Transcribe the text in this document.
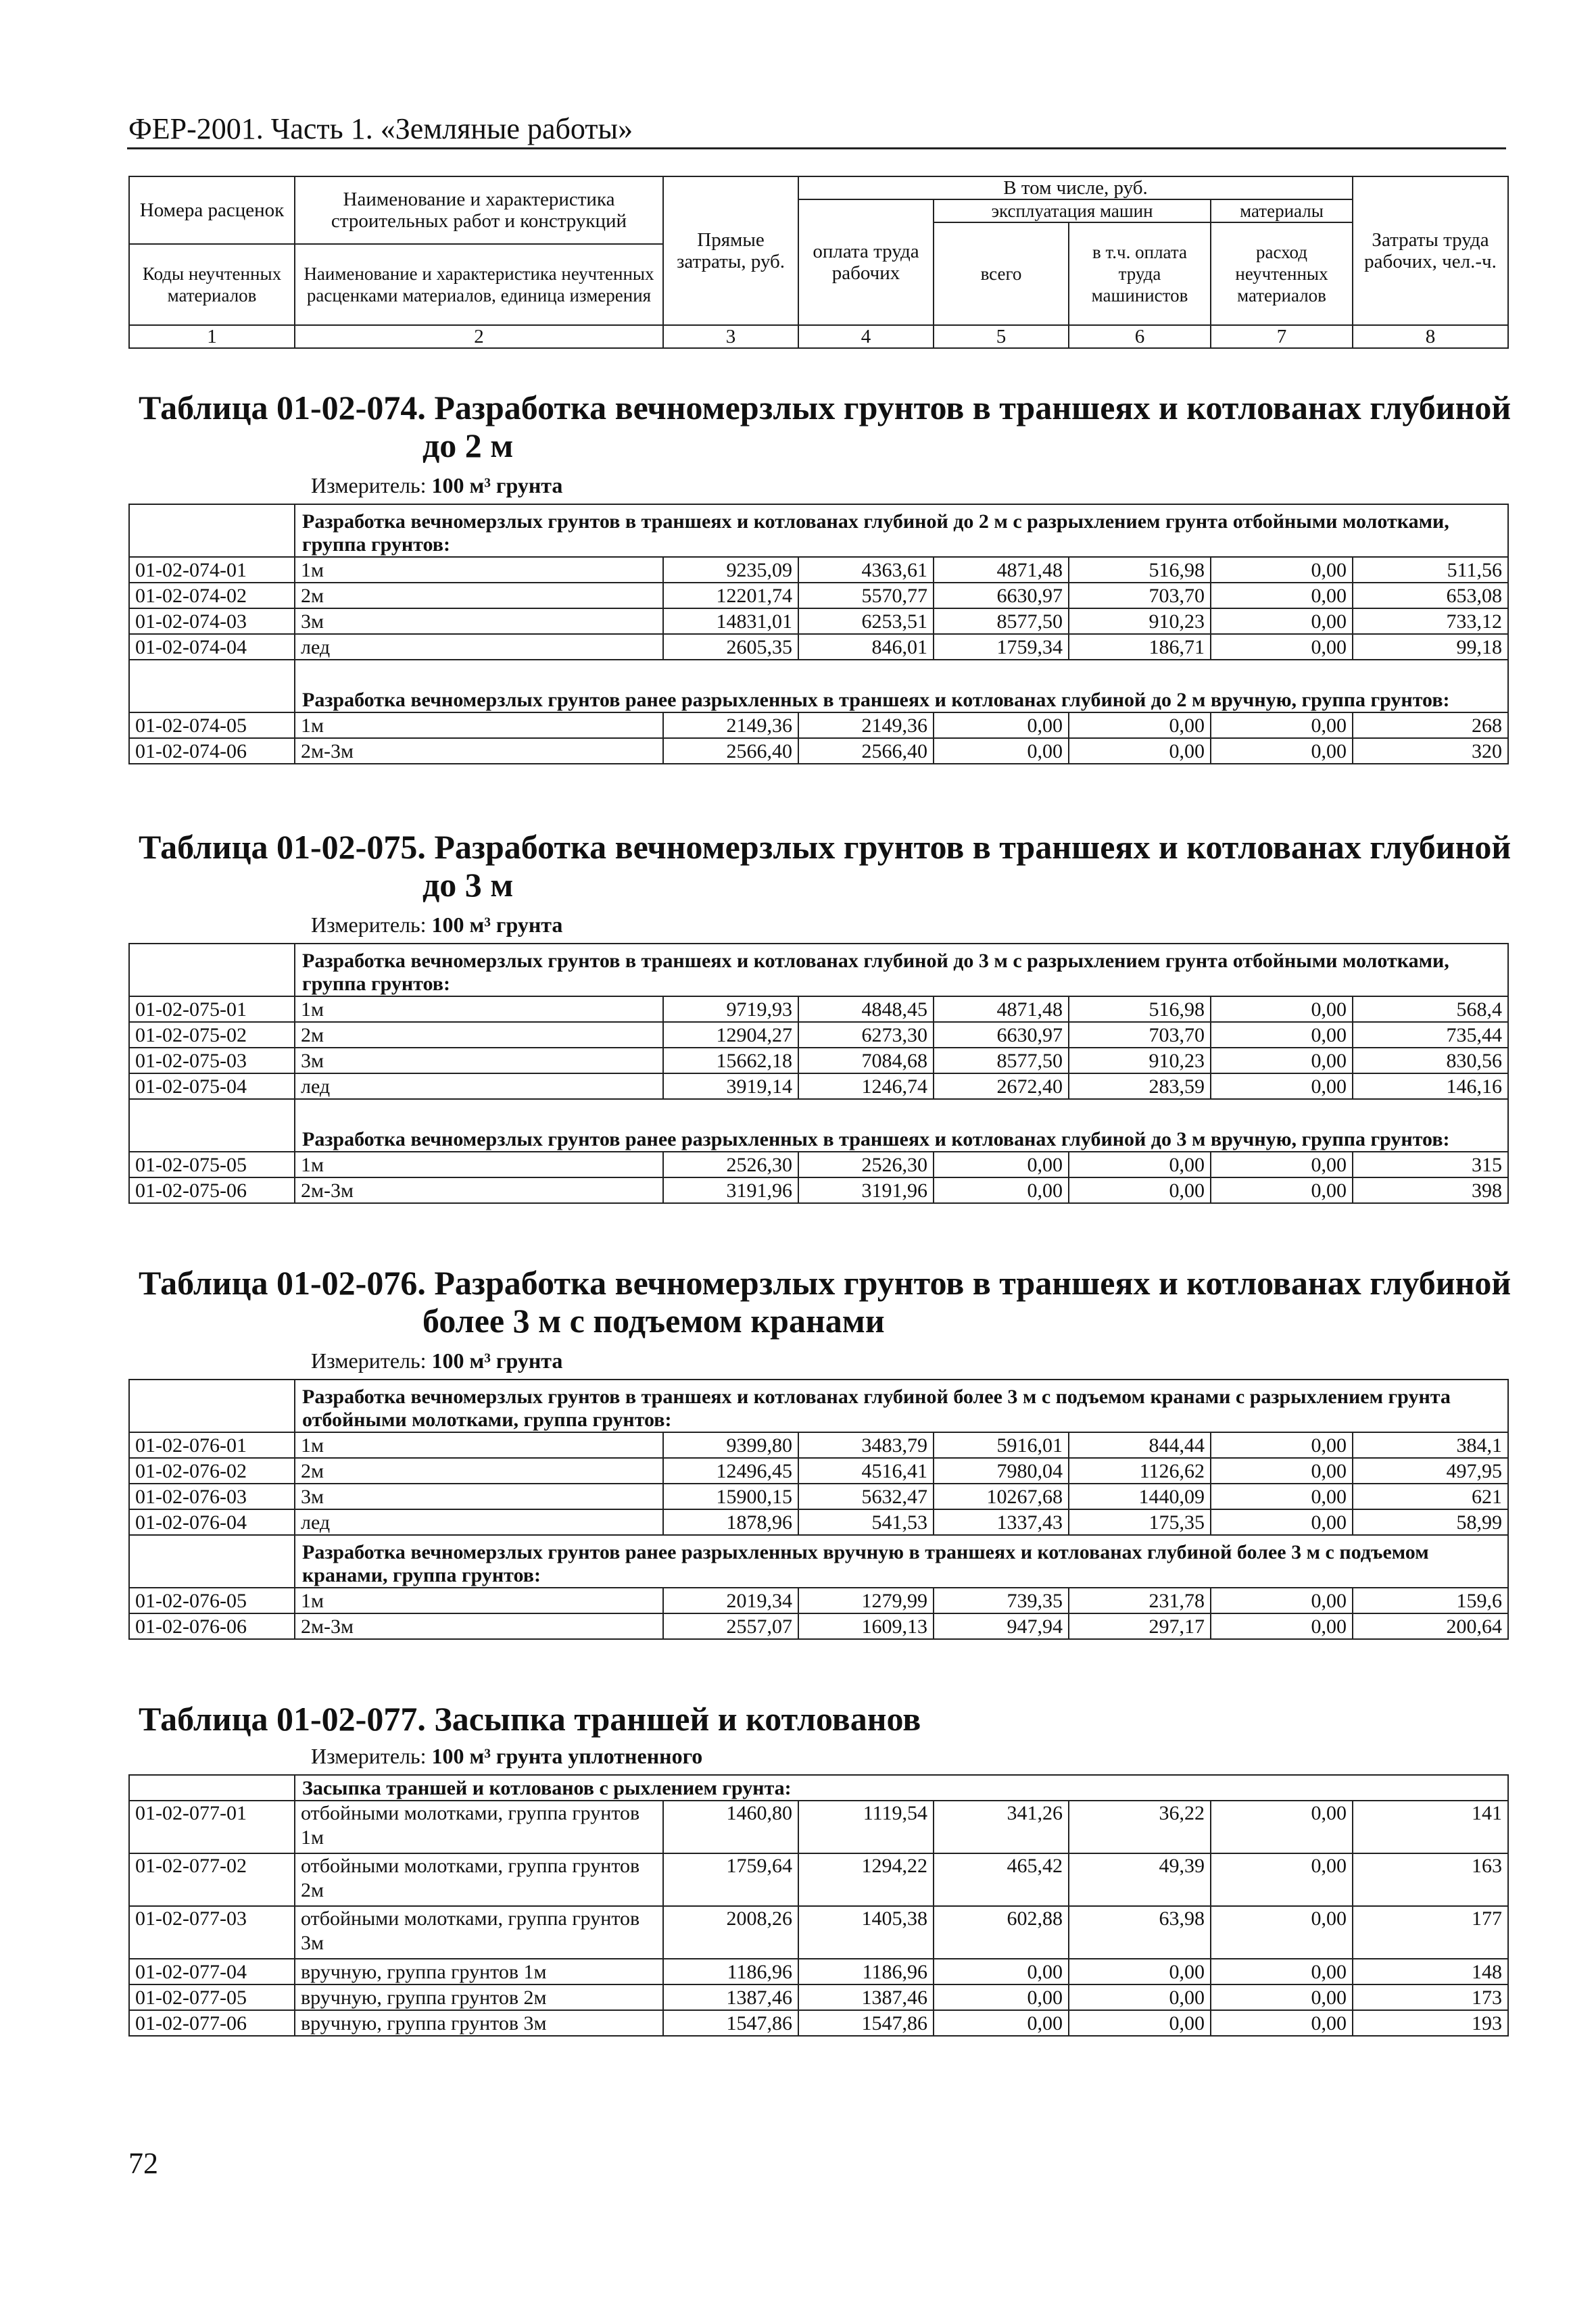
ФЕР-2001. Часть 1. «Земляные работы»
Номера расценок	Наименование и характеристика строительных работ и конструкций	Прямые затраты, руб.	В том числе, руб.				Затраты труда рабочих, чел.-ч.
			оплата труда рабочих	эксплуатация машин		материалы	
				всего	в т.ч. оплата труда машинистов	расход неучтенных материалов	
Коды неучтенных материалов	Наименование и характеристика неучтенных расценками материалов, единица измерения						
1	2	3	4	5	6	7	8
Таблица 01-02-074. Разработка вечномерзлых грунтов в траншеях и котлованах глубиной
до 2 м
Измеритель: 100 м³ грунта
	Разработка вечномерзлых грунтов в траншеях и котлованах глубиной до 2 м с разрыхлением грунта отбойными молотками, группа грунтов:						
01-02-074-01	1м	9235,09	4363,61	4871,48	516,98	0,00	511,56
01-02-074-02	2м	12201,74	5570,77	6630,97	703,70	0,00	653,08
01-02-074-03	3м	14831,01	6253,51	8577,50	910,23	0,00	733,12
01-02-074-04	лед	2605,35	846,01	1759,34	186,71	0,00	99,18
	Разработка вечномерзлых грунтов ранее разрыхленных в траншеях и котлованах глубиной до 2 м вручную, группа грунтов:						
01-02-074-05	1м	2149,36	2149,36	0,00	0,00	0,00	268
01-02-074-06	2м-3м	2566,40	2566,40	0,00	0,00	0,00	320
Таблица 01-02-075. Разработка вечномерзлых грунтов в траншеях и котлованах глубиной
до 3 м
Измеритель: 100 м³ грунта
	Разработка вечномерзлых грунтов в траншеях и котлованах глубиной до 3 м с разрыхлением грунта отбойными молотками, группа грунтов:						
01-02-075-01	1м	9719,93	4848,45	4871,48	516,98	0,00	568,4
01-02-075-02	2м	12904,27	6273,30	6630,97	703,70	0,00	735,44
01-02-075-03	3м	15662,18	7084,68	8577,50	910,23	0,00	830,56
01-02-075-04	лед	3919,14	1246,74	2672,40	283,59	0,00	146,16
	Разработка вечномерзлых грунтов ранее разрыхленных в траншеях и котлованах глубиной до 3 м вручную, группа грунтов:						
01-02-075-05	1м	2526,30	2526,30	0,00	0,00	0,00	315
01-02-075-06	2м-3м	3191,96	3191,96	0,00	0,00	0,00	398
Таблица 01-02-076. Разработка вечномерзлых грунтов в траншеях и котлованах глубиной
более 3 м с подъемом кранами
Измеритель: 100 м³ грунта
	Разработка вечномерзлых грунтов в траншеях и котлованах глубиной более 3 м с подъемом кранами с разрыхлением грунта отбойными молотками, группа грунтов:						
01-02-076-01	1м	9399,80	3483,79	5916,01	844,44	0,00	384,1
01-02-076-02	2м	12496,45	4516,41	7980,04	1126,62	0,00	497,95
01-02-076-03	3м	15900,15	5632,47	10267,68	1440,09	0,00	621
01-02-076-04	лед	1878,96	541,53	1337,43	175,35	0,00	58,99
	Разработка вечномерзлых грунтов ранее разрыхленных вручную в траншеях и котлованах глубиной более 3 м с подъемом кранами, группа грунтов:						
01-02-076-05	1м	2019,34	1279,99	739,35	231,78	0,00	159,6
01-02-076-06	2м-3м	2557,07	1609,13	947,94	297,17	0,00	200,64
Таблица 01-02-077. Засыпка траншей и котлованов
Измеритель: 100 м³ грунта уплотненного
	Засыпка траншей и котлованов с рыхлением грунта:						
01-02-077-01	отбойными молотками, группа грунтов 1м	1460,80	1119,54	341,26	36,22	0,00	141
01-02-077-02	отбойными молотками, группа грунтов 2м	1759,64	1294,22	465,42	49,39	0,00	163
01-02-077-03	отбойными молотками, группа грунтов 3м	2008,26	1405,38	602,88	63,98	0,00	177
01-02-077-04	вручную, группа грунтов 1м	1186,96	1186,96	0,00	0,00	0,00	148
01-02-077-05	вручную, группа грунтов 2м	1387,46	1387,46	0,00	0,00	0,00	173
01-02-077-06	вручную, группа грунтов 3м	1547,86	1547,86	0,00	0,00	0,00	193
72
